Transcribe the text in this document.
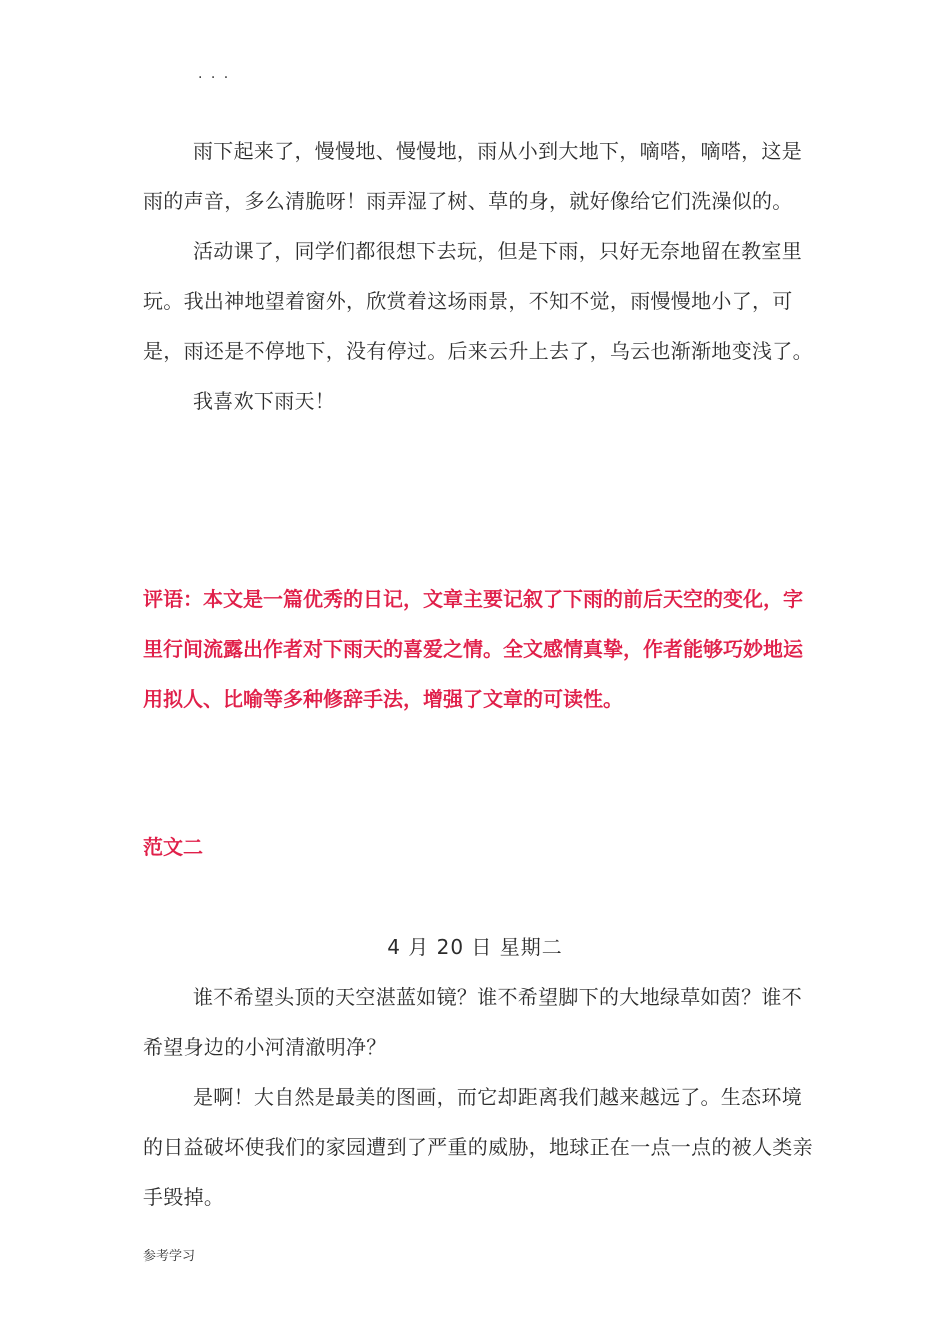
. . .

雨下起来了，慢慢地、慢慢地，雨从小到大地下，嘀嗒，嘀嗒，这是雨的声音，多么清脆呀！雨弄湿了树、草的身，就好像给它们洗澡似的。

活动课了，同学们都很想下去玩，但是下雨，只好无奈地留在教室里玩。我出神地望着窗外，欣赏着这场雨景，不知不觉，雨慢慢地小了，可是，雨还是不停地下，没有停过。后来云升上去了，乌云也渐渐地变浅了。

我喜欢下雨天！

评语：本文是一篇优秀的日记，文章主要记叙了下雨的前后天空的变化，字里行间流露出作者对下雨天的喜爱之情。全文感情真挚，作者能够巧妙地运用拟人、比喻等多种修辞手法，增强了文章的可读性。

范文二

4 月 20 日 星期二

谁不希望头顶的天空湛蓝如镜？谁不希望脚下的大地绿草如茵？谁不希望身边的小河清澈明净？

是啊！大自然是最美的图画，而它却距离我们越来越远了。生态环境的日益破坏使我们的家园遭到了严重的威胁，地球正在一点一点的被人类亲手毁掉。

参考学习
